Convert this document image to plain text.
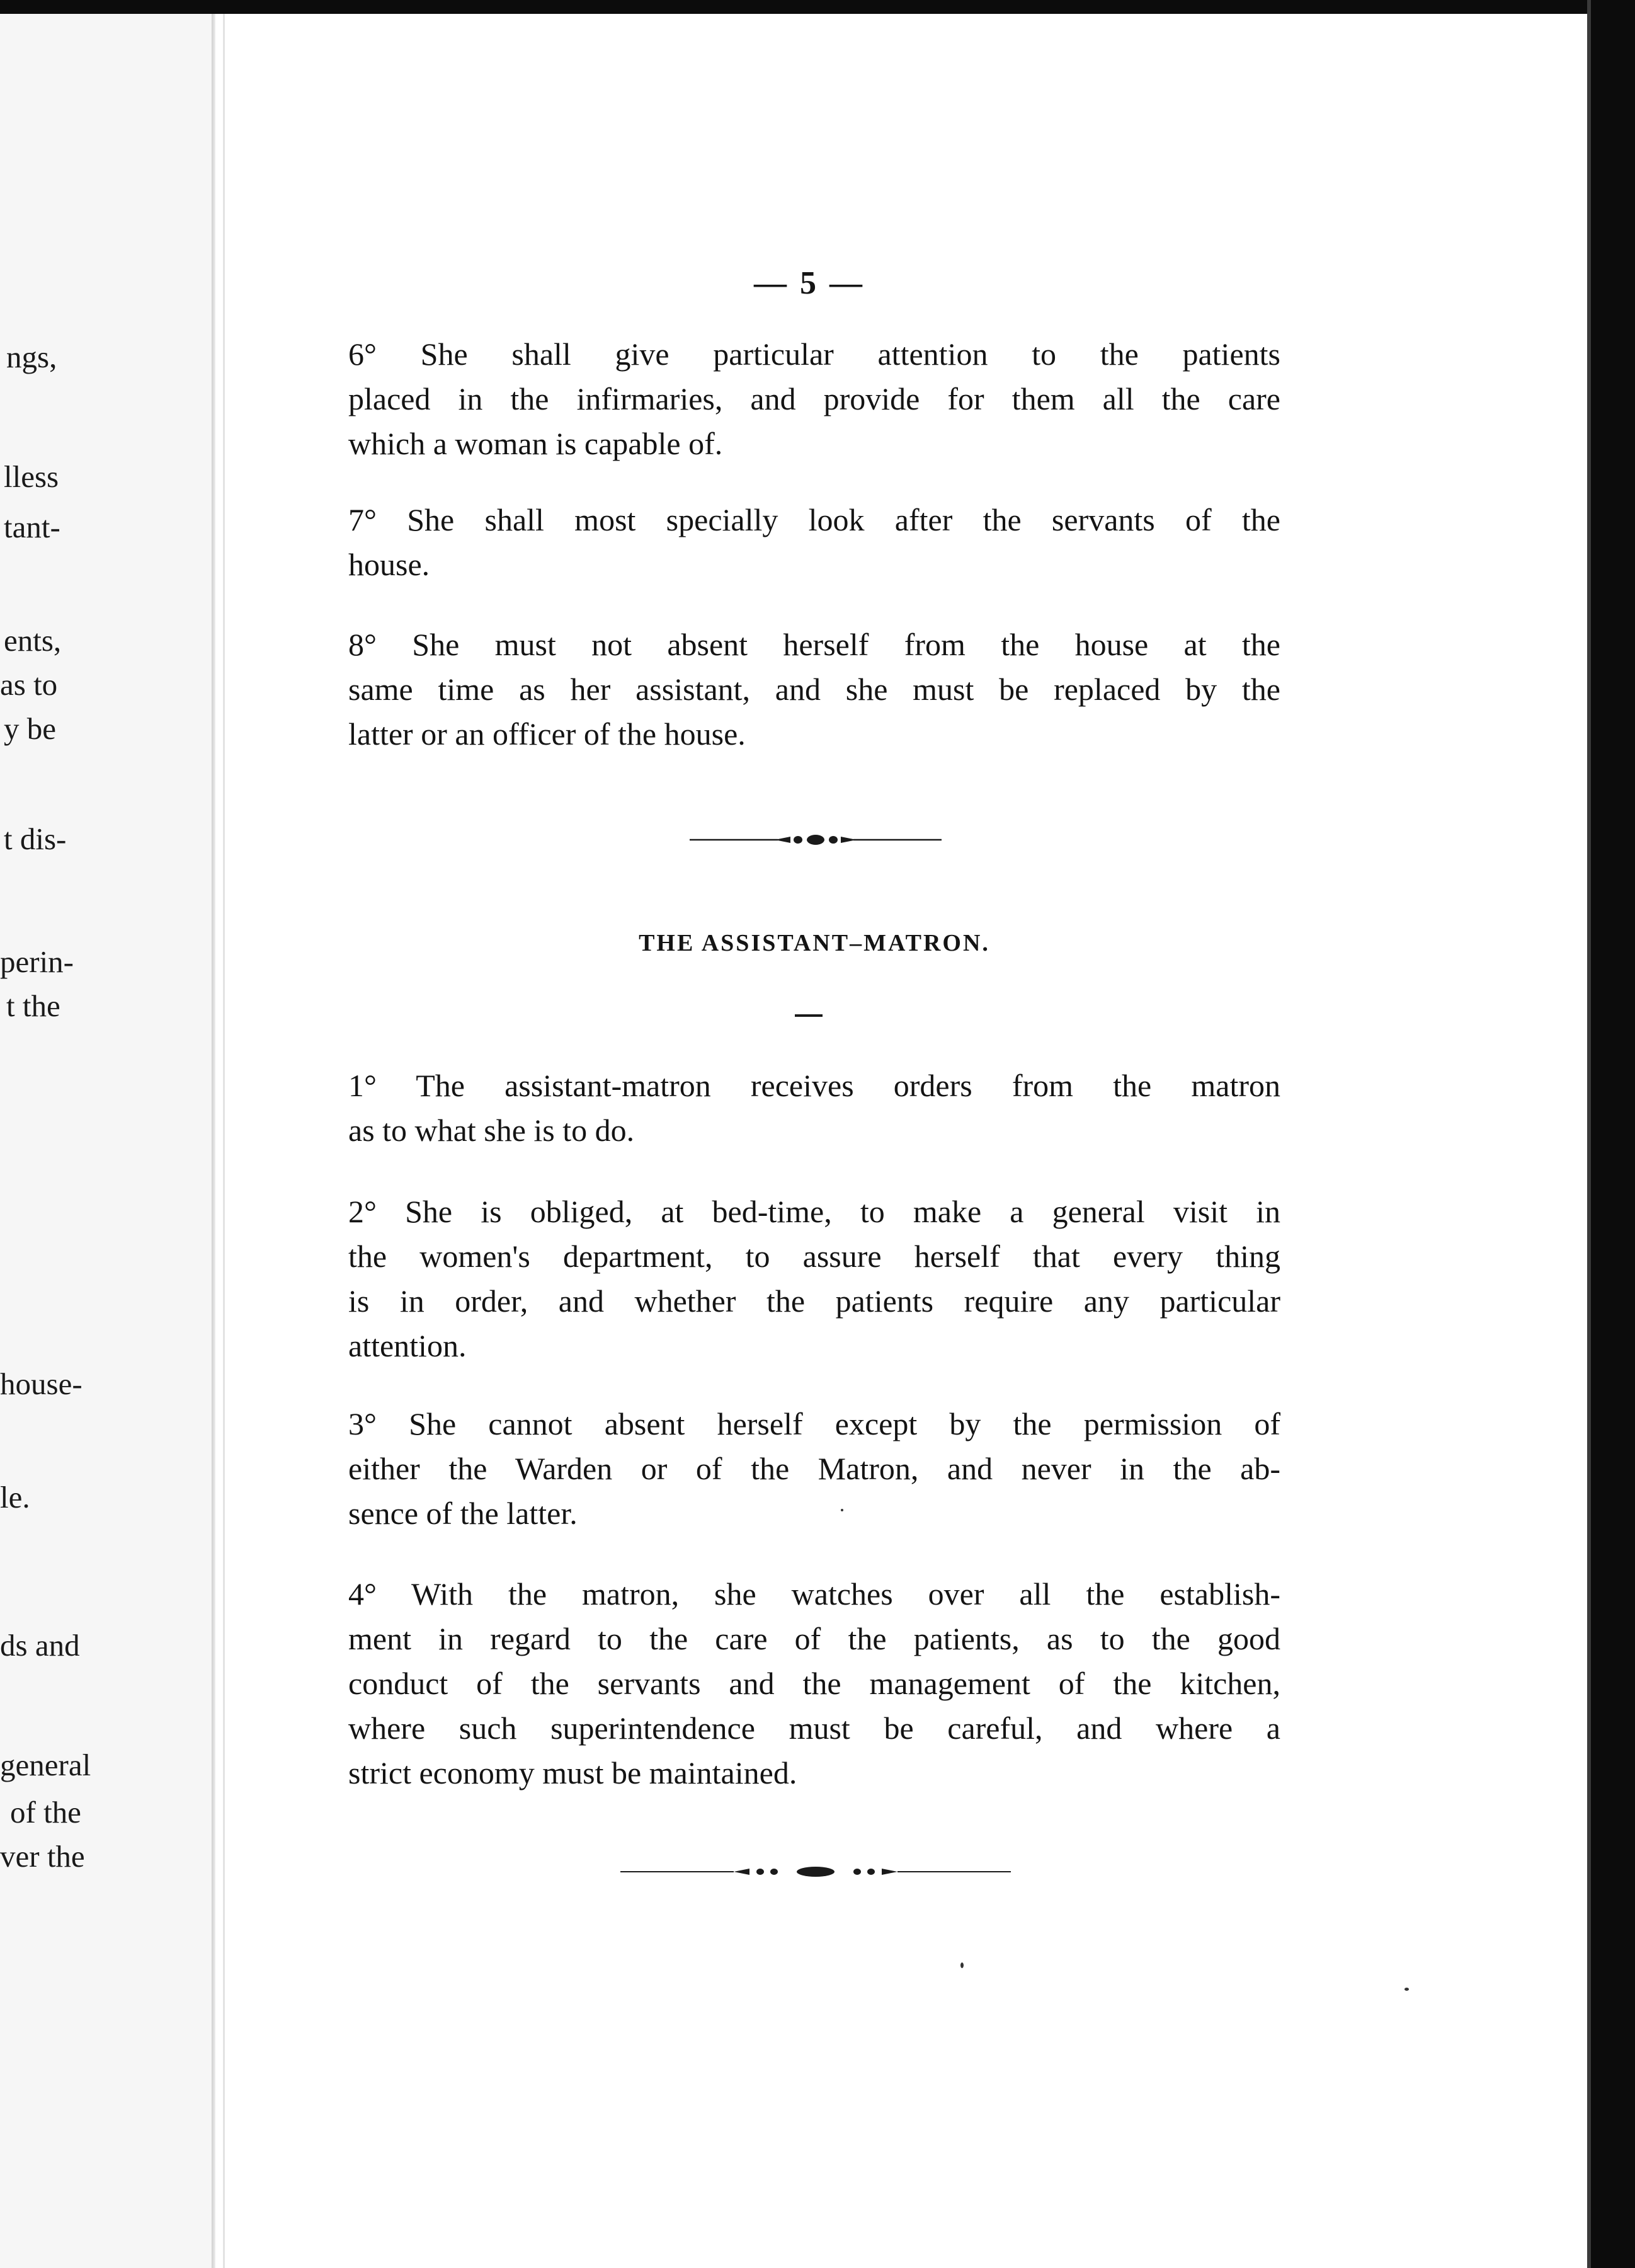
ngs,
lless
tant-
ents,
as to
y be
t dis-
perin-
t the
house-
le.
ds and
general
of the
ver the
— 5 —
6° She shall give particular attention to the patients
placed in the infirmaries, and provide for them all the care
which a woman is capable of.
7° She shall most specially look after the servants of the
house.
8° She must not absent herself from the house at the
same time as her assistant, and she must be replaced by the
latter or an officer of the house.
THE ASSISTANT–MATRON.
1° The assistant-matron receives orders from the matron
as to what she is to do.
2° She is obliged, at bed-time, to make a general visit in
the women's department, to assure herself that every thing
is in order, and whether the patients require any particular
attention.
3° She cannot absent herself except by the permission of
either the Warden or of the Matron, and never in the ab-
sence of the latter.
4° With the matron, she watches over all the establish-
ment in regard to the care of the patients, as to the good
conduct of the servants and the management of the kitchen,
where such superintendence must be careful, and where a
strict economy must be maintained.
